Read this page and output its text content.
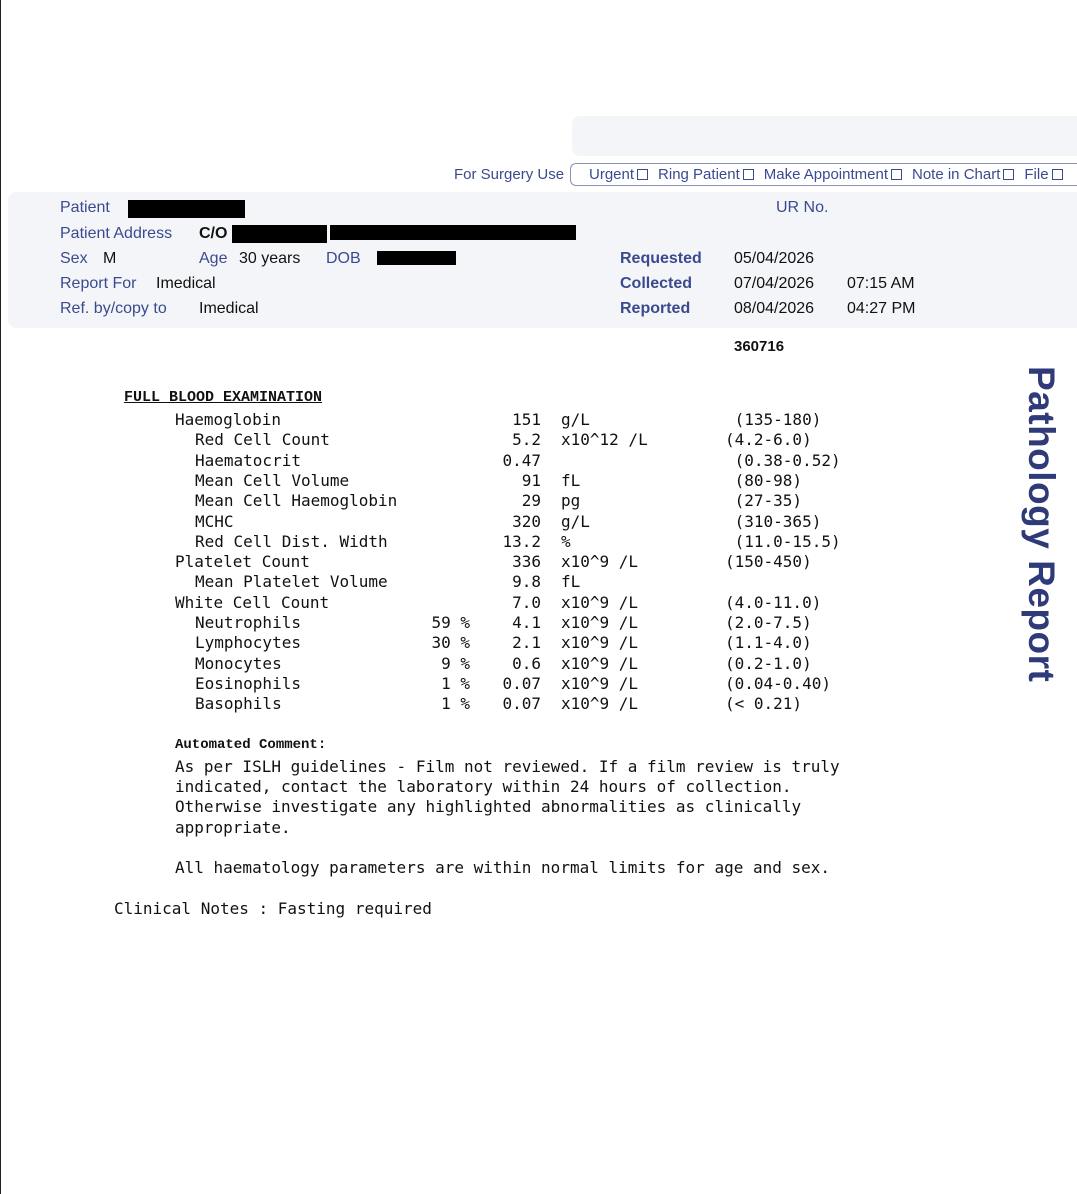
For Surgery Use Urgent Ring Patient Make Appointment Note in Chart File
Patient	UR No.
Patient Address C/O
Sex M	Age 30 years DOB
Report For Imedical
Ref. by/copy to Imedical
Requested 05/04/2026
Collected	07/04/2026 07:15 AM
Reported	08/04/2026 04:27 PM
360716
Pathology Report
FULL BLOOD EXAMINATION
Haemoglobin	151 g/L	(135-180)
Red Cell Count	5.2 x10^12 /L	(4.2-6.0)
Haematocrit	0.47	(0.38-0.52)
Mean Cell Volume	91 fL	(80-98)
Mean Cell Haemoglobin	29 pg	(27-35)
MCHC	320 g/L	(310-365)
Red Cell Dist. Width	13.2 %	(11.0-15.5)
Platelet Count	336 x10^9 /L	(150-450)
Mean Platelet Volume	9.8 fL
White Cell Count	7.0 x10^9 /L	(4.0-11.0)
Neutrophils	59 %	4.1 x10^9 /L	(2.0-7.5)
Lymphocytes	30 %	2.1 x10^9 /L	(1.1-4.0)
Monocytes	9 %	0.6 x10^9 /L	(0.2-1.0)
Eosinophils	1 %	0.07 x10^9 /L	(0.04-0.40)
Basophils	1 %	0.07 x10^9 /L	(< 0.21)
Automated Comment:
As per ISLH guidelines - Film not reviewed. If a film review is truly
indicated, contact the laboratory within 24 hours of collection.
Otherwise investigate any highlighted abnormalities as clinically
appropriate.
All haematology parameters are within normal limits for age and sex.
Clinical Notes : Fasting required
